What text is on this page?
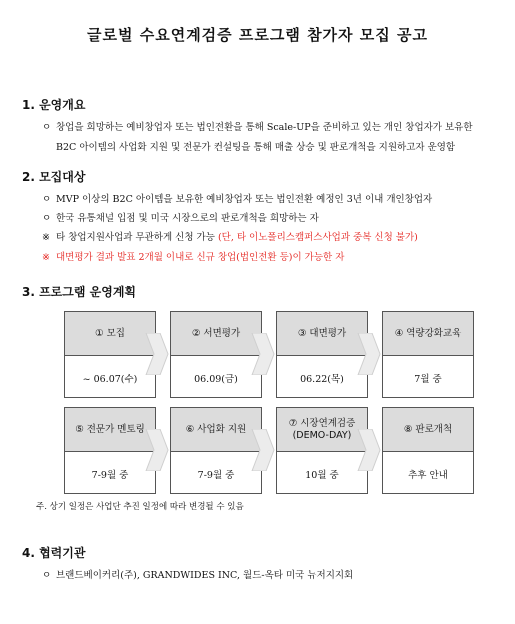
글로벌 수요연계검증 프로그램 참가자 모집 공고
1. 운영개요
ㅇ 창업을 희망하는 예비창업자 또는 법인전환을 통해 Scale-UP을 준비하고 있는 개인 창업자가 보유한
B2C 아이템의 사업화 지원 및 전문가 컨설팅을 통해 매출 상승 및 판로개척을 지원하고자 운영함
2. 모집대상
ㅇ MVP 이상의 B2C 아이템을 보유한 예비창업자 또는 법인전환 예정인 3년 이내 개인창업자
ㅇ 한국 유통채널 입점 및 미국 시장으로의 판로개척을 희망하는 자
※ 타 창업지원사업과 무관하게 신청 가능 (단, 타 이노폴리스캠퍼스사업과 중복 신청 불가)
※ 대면평가 결과 발표 2개월 이내로 신규 창업(법인전환 등)이 가능한 자
3. 프로그램 운영계획
① 모집
~ 06.07(수)
② 서면평가
06.09(금)
③ 대면평가
06.22(목)
④ 역량강화교육
7월 중
⑤ 전문가 멘토링
7-9월 중
⑥ 사업화 지원
7-9월 중
⑦ 시장연계검증
(DEMO-DAY)
10월 중
⑧ 판로개척
추후 안내
주. 상기 일정은 사업단 추진 일정에 따라 변경될 수 있음
4. 협력기관
ㅇ 브랜드베이커리(주), GRANDWIDES INC, 월드-옥타 미국 뉴저지지회
